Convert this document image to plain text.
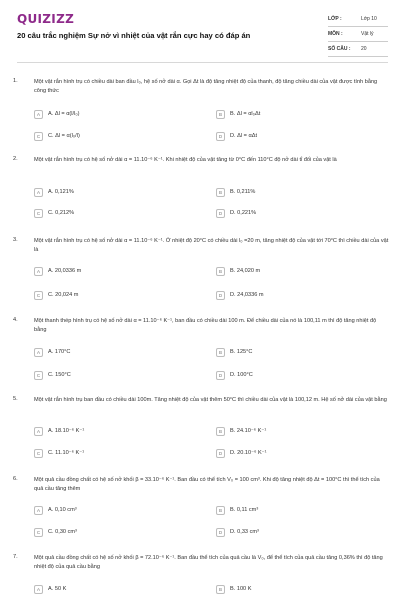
QUIZIZZ
20 câu trắc nghiệm Sự nở vì nhiệt của vật rắn cực hay có đáp án
LỚP :	Lớp 10
MÔN :	Vật lý
SỐ CÂU :	20
1.	Một vật rắn hình trụ có chiều dài ban đầu l₀, hệ số nở dài α. Gọi Δt là độ tăng nhiệt độ của thanh, độ tăng chiều dài của vật được tính bằng công thức
A	A. Δl = α(l/l₀)	B	B. Δl = αl₀Δt
C	C. Δl = α(l₀/l)	D	D. Δl = αΔt
2.	Một vật rắn hình trụ có hệ số nở dài α = 11.10⁻⁶ K⁻¹. Khi nhiệt độ của vật tăng từ 0°C đến 110°C độ nở dài tỉ đối của vật là
A	A. 0,121%	B	B. 0,211%
C	C. 0,212%	D	D. 0,221%
3.	Một vật rắn hình trụ có hệ số nở dài α = 11.10⁻⁶ K⁻¹. Ở nhiệt độ 20°C có chiều dài l₀ =20 m, tăng nhiệt độ của vật tới 70°C thì chiều dài của vật là
A	A. 20,0336 m	B	B. 24,020 m
C	C. 20,024 m	D	D. 24,0336 m
4.	Một thanh thép hình trụ có hệ số nở dài α = 11.10⁻⁶ K⁻¹, ban đầu có chiều dài 100 m. Để chiều dài của nó là 100,11 m thì độ tăng nhiệt độ bằng
A	A. 170°C	B	B. 125°C
C	C. 150°C	D	D. 100°C
5.	Một vật rắn hình trụ ban đầu có chiều dài 100m. Tăng nhiệt độ của vật thêm 50°C thì chiều dài của vật là 100,12 m. Hệ số nở dài của vật bằng
A	A. 18.10⁻⁶ K⁻¹	B	B. 24.10⁻⁶ K⁻¹
C	C. 11.10⁻⁶ K⁻¹	D	D. 20.10⁻⁶ K⁻¹
6.	Một quả cầu đồng chất có hệ số nở khối β = 33.10⁻⁶ K⁻¹. Ban đầu có thể tích V₀ = 100 cm³. Khi độ tăng nhiệt độ Δt = 100°C thì thể tích của quả cầu tăng thêm
A	A. 0,10 cm³	B	B. 0,11 cm³
C	C. 0,30 cm³	D	D. 0,33 cm³
7.	Một quả cầu đồng chất có hệ số nở khối β = 72.10⁻⁶ K⁻¹. Ban đầu thể tích của quả cầu là V₀, để thể tích của quả cầu tăng 0,36% thì độ tăng nhiệt độ của quả cầu bằng
A	A. 50 K	B	B. 100 K
